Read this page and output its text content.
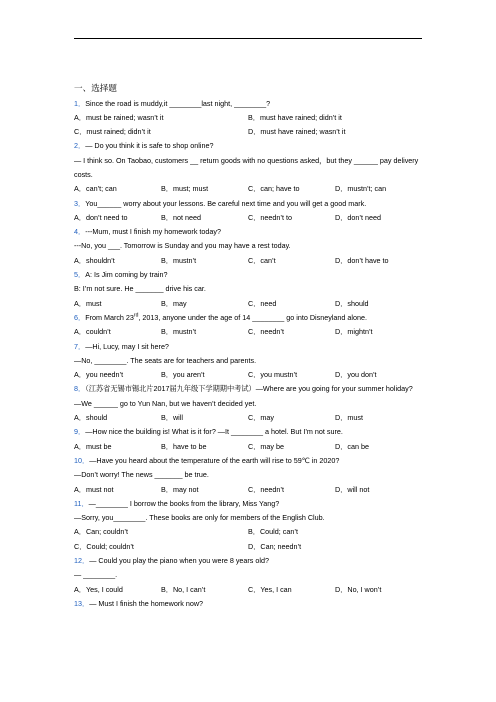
一、选择题
1．Since the road is muddy,it ________last night, ________?
A．must be rained; wasn’t it	B．must have rained; didn’t it
C．must rained; didn’t it	D．must have rained; wasn’t it
2．— Do you think it is safe to shop online?
— I think so. On Taobao, customers __ return goods with no questions asked，but they ______ pay delivery costs.
A．can’t; can	B．must; must	C．can; have to	D．mustn’t; can
3．You______ worry about your lessons. Be careful next time and you will get a good mark.
A．don’t need to	B．not need	C．needn’t to	D．don’t need
4．---Mum, must I finish my homework today?
---No, you ___. Tomorrow is Sunday and you may have a rest today.
A．shouldn’t	B．mustn’t	C．can’t	D．don’t have to
5．A: Is Jim coming by train?
B: I’m not sure. He _______ drive his car.
A．must	B．may	C．need	D．should
6．From March 23rd, 2013, anyone under the age of 14 ________ go into Disneyland alone.
A．couldn’t	B．mustn’t	C．needn’t	D．mightn’t
7．—Hi, Lucy, may I sit here?
—No, ________. The seats are for teachers and parents.
A．you needn’t	B．you aren’t	C．you mustn’t	D．you don’t
8．（江苏省无锡市锡北片2017届九年级下学期期中考试）—Where are you going for your summer holiday?
—We ______ go to Yun Nan, but we haven’t decided yet.
A．should	B．will	C．may	D．must
9．—How nice the building is! What is it for? —It ________ a hotel. But I’m not sure.
A．must be	B．have to be	C．may be	D．can be
10．—Have you heard about the temperature of the earth will rise to 59℃ in 2020?
—Don’t worry! The news _______ be true.
A．must not	B．may not	C．needn’t	D．will not
11．—________ I borrow the books from the library, Miss Yang?
—Sorry, you________. These books are only for members of the English Club.
A．Can; couldn’t	B．Could; can’t
C．Could; couldn’t	D．Can; needn’t
12．— Could you play the piano when you were 8 years old?
— ________.
A．Yes, I could	B．No, I can’t	C．Yes, I can	D．No, I won’t
13．— Must I finish the homework now?
